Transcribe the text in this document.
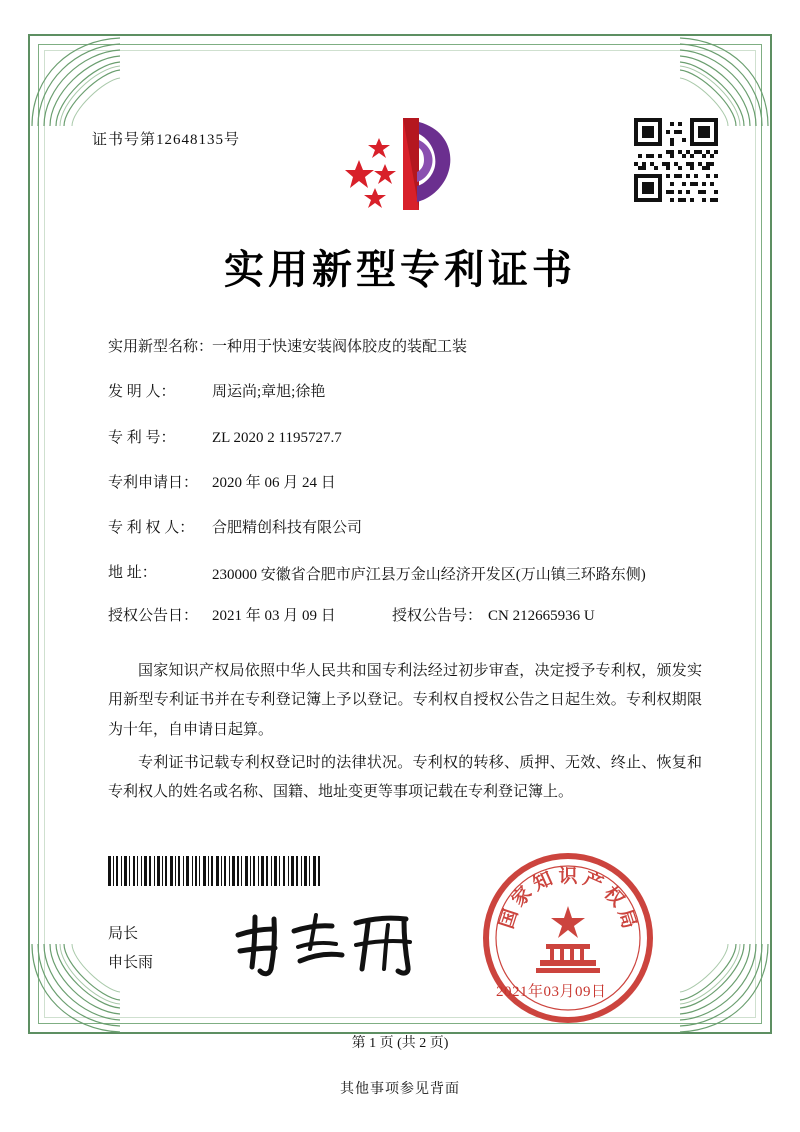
证书号第12648135号
实用新型专利证书
实用新型名称：
一种用于快速安装阀体胶皮的装配工装
发 明 人：	周运尚;章旭;徐艳
专 利 号：	ZL 2020 2 1195727.7
专利申请日： 2020 年 06 月 24 日
专 利 权 人：	合肥精创科技有限公司
地 址：	230000 安徽省合肥市庐江县万金山经济开发区(万山镇三环路东侧)
授权公告日： 2021 年 03 月 09 日	授权公告号： CN 212665936 U

国家知识产权局依照中华人民共和国专利法经过初步审查，决定授予专利权，颁发实用新型专利证书并在专利登记簿上予以登记。专利权自授权公告之日起生效。专利权期限为十年，自申请日起算。

专利证书记载专利权登记时的法律状况。专利权的转移、质押、无效、终止、恢复和专利权人的姓名或名称、国籍、地址变更等事项记载在专利登记簿上。

局长
申长雨
国
家
知 识 产
权
局
2021年03月09日
第 1 页 (共 2 页)
其他事项参见背面
